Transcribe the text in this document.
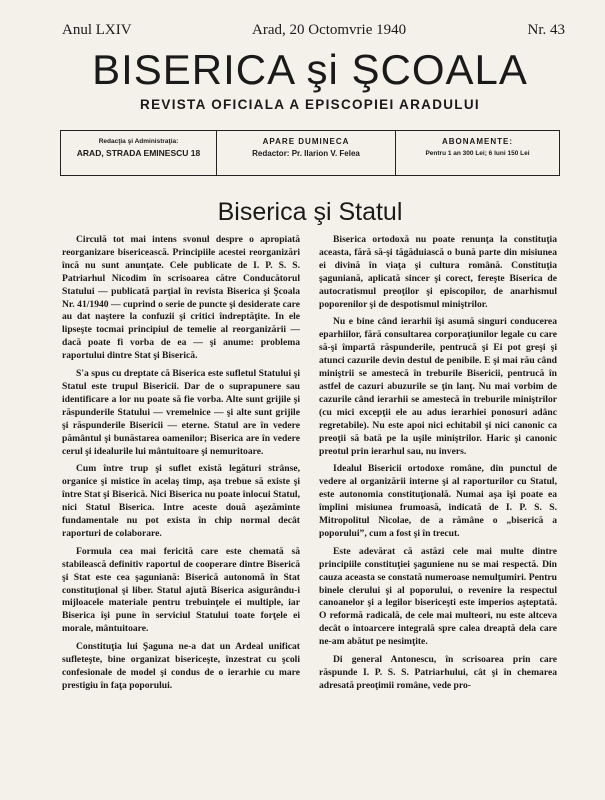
Anul LXIV	Arad, 20 Octomvrie 1940	Nr. 43
BISERICA şi ŞCOALA
REVISTA OFICIALA A EPISCOPIEI ARADULUI
Redacţia şi Administraţia:
ARAD, STRADA EMINESCU 18
APARE DUMINECA
Redactor: Pr. Ilarion V. Felea
ABONAMENTE:
Pentru 1 an 300 Lei; 6 luni 150 Lei
Biserica şi Statul

Circulă tot mai intens svonul despre o apropiată reorganizare bisericească. Principiile acestei reorganizări încă nu sunt anunţate. Cele publicate de I. P. S. S. Patriarhul Nicodim în scrisoarea către Conducătorul Statului — publicată parţial în revista Biserica şi Şcoala Nr. 41/1940 — cuprind o serie de puncte şi desiderate care au dat naştere la confuzii şi critici îndreptăţite. In ele lipseşte tocmai principiul de temelie al reorganizării — dacă poate fi vorba de ea — şi anume: problema raportului dintre Stat şi Biserică.

S'a spus cu dreptate că Biserica este sufletul Statului şi Statul este trupul Bisericii. Dar de o suprapunere sau identificare a lor nu poate să fie vorba. Alte sunt grijile şi răspunderile Statului — vremelnice — şi alte sunt grijile şi răspunderile Bisericii — eterne. Statul are în vedere pământul şi bunăstarea oamenilor; Biserica are în vedere cerul şi idealurile lui mântuitoare şi nemuritoare.

Cum între trup şi suflet există legături strânse, organice şi mistice în acelaş timp, aşa trebue să existe şi între Stat şi Biserică. Nici Biserica nu poate înlocui Statul, nici Statul Biserica. Intre aceste două aşezăminte fundamentale nu pot exista în chip normal decât raporturi de colaborare.

Formula cea mai fericită care este chemată să stabilească definitiv raportul de cooperare dintre Biserică şi Stat este cea şaguniană: Biserică autonomă în Stat constituţional şi liber. Statul ajută Biserica asigurându-i mijloacele materiale pentru trebuinţele ei multiple, iar Biserica îşi pune în serviciul Statului toate forţele ei morale, mântuitoare.

Constituţia lui Şaguna ne-a dat un Ardeal unificat sufleteşte, bine organizat bisericeşte, înzestrat cu şcoli confesionale de model şi condus de o ierarhie cu mare prestigiu în faţa poporului.

Biserica ortodoxă nu poate renunţa la constituţia aceasta, fără să-şi tăgăduiască o bună parte din misiunea ei divină în viaţa şi cultura română. Constituţia şaguniană, aplicată sincer şi corect, fereşte Biserica de autocratismul preoţilor şi episcopilor, de anarhismul poporenilor şi de despotismul miniştrilor.

Nu e bine când ierarhii îşi asumă singuri conducerea eparhiilor, fără consultarea corporaţiunilor legale cu care să-şi împartă răspunderile, pentrucă şi Ei pot greşi şi atunci cazurile devin destul de penibile. E şi mai rău când miniştrii se amestecă în treburile Bisericii, pentrucă în astfel de cazuri abuzurile se ţin lanţ. Nu mai vorbim de cazurile când ierarhii se amestecă în treburile miniştrilor (cu mici excepţii ele au adus ierarhiei ponosuri adânc regretabile). Nu este apoi nici echitabil şi nici canonic ca preoţii să bată pe la uşile miniştrilor. Haric şi canonic preotul prin ierarhul sau, nu invers.

Idealul Bisericii ortodoxe române, din punctul de vedere al organizării interne şi al raporturilor cu Statul, este autonomia constituţională. Numai aşa îşi poate ea împlini misiunea frumoasă, indicată de I. P. S. S. Mitropolitul Nicolae, de a rămâne o „biserică a poporului”, cum a fost şi în trecut.

Este adevărat că astăzi cele mai multe dintre principiile constituţiei şaguniene nu se mai respectă. Din cauza aceasta se constată numeroase nemulţumiri. Pentru binele clerului şi al poporului, o revenire la respectul canoanelor şi a legilor bisericeşti este imperios aşteptată. O reformă radicală, de cele mai multeori, nu este altceva decât o întoarcere integrală spre calea dreaptă dela care ne-am abătut pe nesimţite.

Di general Antonescu, în scrisoarea prin care răspunde I. P. S. S. Patriarhului, cât şi în chemarea adresată preoţimii române, vede pro-
